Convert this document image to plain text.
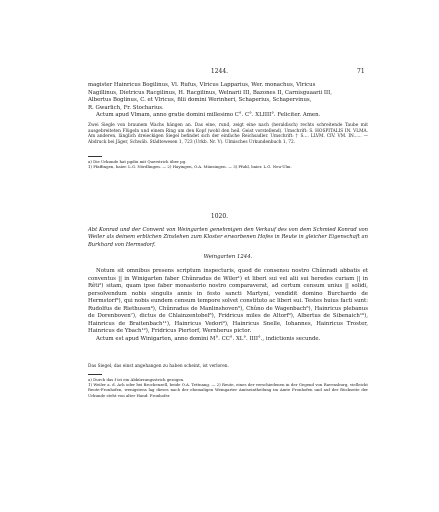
1244.	71

magister Hainricus Bogilinus, Vl. Rufus, Vlricus Lapparius, Wer. monachus, Vlricus

Nagillinus, Dietricus Racgilinus, H. Racgilinus, Welnarii III, Bazones II, Carnisguaarii III,

Albertus Boglinus, C. et Vlricus, filii domini Werinheri, Schaperius, Schapervinus,

R. Gwarlich, Fr. Stocharius.

Actum apud Vlmam, anno gratie domini millesimo C°. C°. XLIIII°. Feliciter. Amen.

Zwei Siegle von braunem Wachs hängen an. Das eine, rund, zeigt eine nach (heraldisch) rechts schreitende Taube mit ausgebreiteten Flügeln und einem Ring um den Kopf (wohl den heil. Geist vorstellend). Umschrift: S. HOSPITALIS IN. VLMA. Am anderen, länglich dreieckigen Siegel befindet sich der einfache Reichsadler. Umschrift: † S.... LLVM. CIV. VM. IN...... — Abdruck bei Jäger, Schwäb. Städtewesen 1, 723 (Urkb. Nr. V). Ulmisches Urkundenbuch 1, 72.

a) Die Urkunde hat pgdiu mit Querstrich über pg.

1) Pfaffingen, baier. L.G. Nördlingen. — 2) Hayingen, O.A. Münsingen. — 3) Pfuhl, baier. L.G. Neu-Ulm.

1020.

Abt Konrad und der Convent von Weingarten genehmigen den Verkauf des von dem Schmied Konrad von Weiler als deinem erblichen Zinslehen zum Kloster erworbenen Hofes in Reute in gleicher Eigenschaft an Burkhard von Hermsdorf.

Weingarten 1244.

Notum sit omnibus presens scriptum inspecturis, quod de consensu nostro Chûnradi abbatis et conventus || in Winigarten faber Chûnradus de Wiler¹) et liberi sui vel alii sui heredes curiam || in Rêti²) sitam, quam ipse faber monasterio nostro comparaverat, ad certum censum unius || solidi, persolvendum nobis singulis annis in festo sancti Martyni, vendidit domino Burchardo de Hermstorf³), qui nobis eundem censum tempore solvet constituto ac liberi sui. Testes huius facti sunt: Rudolfus de Riethusen⁴), Chûnradus de Manlinshoven⁵), Chûno de Wagenbach⁶), Hainricus plebanus de Dorenboven⁷), dictus de Chlainzentobel⁸), Fridricus miles de Altorf⁹), Albertus de Sibenaich¹⁰), Hainricus de Braitenbach¹¹), Hainricus Vedori⁹), Hainricus Snelle, Iohannes, Hainricus Troster, Hainricus de Ybach¹²), Fridricus Piertorf, Wernherus pictor.

Actum est apud Winigarten, anno domini M°. CC°. XL°. IIII°., indictionis secunde.

Das Siegel, das einst angehangen zu haben scheint, ist verloren.

a) Durch das f ist ein Abkürzungsstrich gezogen.

1) Weiler a. d. Ach oder bei Brochenzell, beide O.A. Tettnang. — 2) Reute, eines der verschiedenen in der Gegend von Ravensburg, vielleicht Reute-Fronhofen, wenigstens lag dieses nach der ehemaligen Weingarter Amtseintheilung im Amte Fronhofen und auf der Rückseite der Urkunde steht von alter Hand: Fronhofer
